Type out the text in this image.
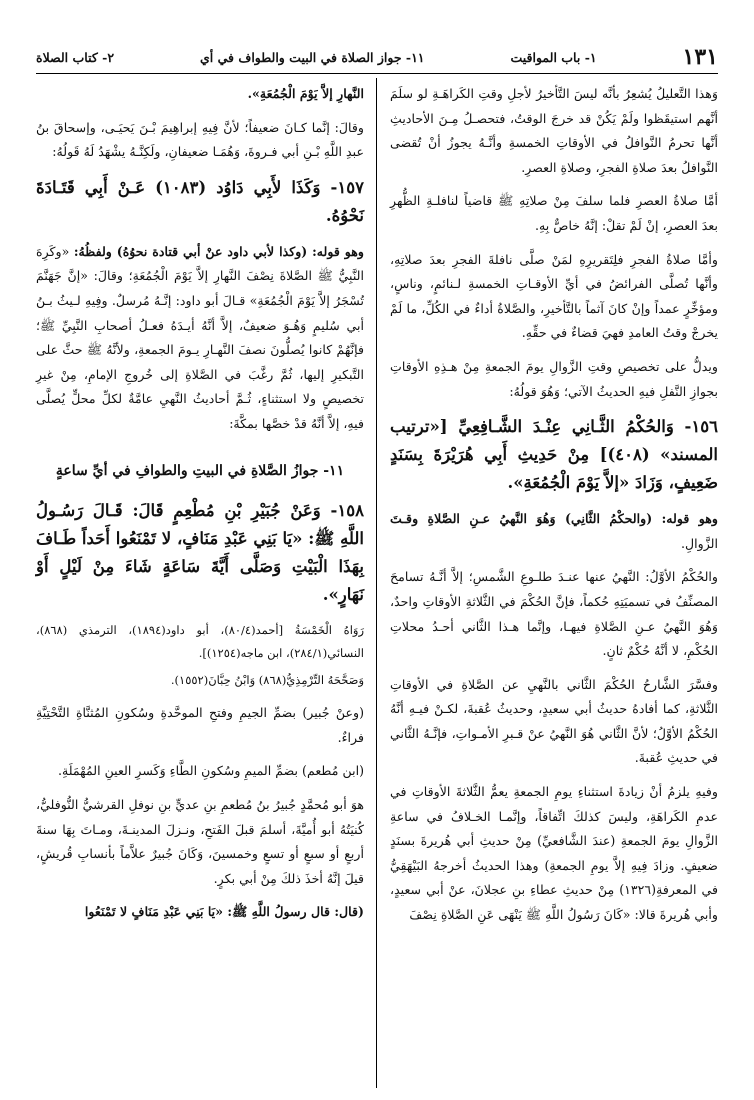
١٣١
١- باب المواقيت
١١- جواز الصلاة في البيت والطواف في أي
٢- كتاب الصلاة

وَهذا التَّعليلُ يُشعِرُ بأنَّه ليسَ التَّأخيرُ لأجلِ وقتِ الكَراهَـةِ لو سلَمَ أنَّهم استيقَظوا ولَمْ يَكُنْ قد خرجَ الوقتُ، فتحصـلُ مِـنَ الأحاديثِ أنَّها تحرمُ النَّوافلُ في الأوقاتِ الخمسةِ وأنَّـهُ يجوزُ أنْ تُقضى النَّوافلُ بعدَ صلاةِ الفجرِ، وصلاةِ العصرِ.

أمَّا صلاةُ العصرِ فلما سلفَ مِنْ صلاتِهِ ﷺ قاضياً لنافلـةِ الظُّهرِ بعدَ العصرِ، إنْ لَمْ تقلْ: إنَّهُ خاصٌّ بِهِ.

وأمَّا صلاةُ الفجرِ فلِتَقريرِهِ لمَنْ صلَّى نافلةَ الفجرِ بعدَ صلاتِهِ، وأنَّها تُصلَّى الفرائضُ في أيِّ الأوقـاتِ الخمسةِ لـنائمٍ، وناسٍ، ومؤخِّرٍ عمداً وإنْ كانَ آثماً بالتَّأخيرِ، والصَّلاةُ أداءٌ في الكُلِّ، ما لَمْ يخرجْ وقتُ العامدِ فهيَ قضاءٌ في حقِّهِ.

ويدلُّ على تخصيصِ وقتِ الزَّوالِ يومَ الجمعةِ مِنْ هـذِهِ الأوقاتِ بجوازِ النَّفلِ فيهِ الحديثُ الآتي؛ وَهُوَ قولُهُ:

١٥٦- وَالحُكْمُ الثَّـانِي عِنْـدَ الشَّـافِعِيِّ [«ترتيب المسند» (٤٠٨)] مِنْ حَدِيثِ أَبِي هُرَيْرَةَ بِسَنَدٍ ضَعِيفٍ، وَزَادَ «إلاَّ يَوْمَ الْجُمُعَةِ».

وهو قوله: (والحكْمُ الثَّانِي) وَهُوَ النَّهيُ عـنِ الصَّلاةِ وقـتَ الزَّوالِ.

والحُكْمُ الأوَّلُ: النَّهيُ عنها عنـدَ طلـوعِ الشَّمسِ؛ إلاَّ أنَّـهُ تسامحَ المصنِّفُ في تسميَتِهِ حُكماً، فإنَّ الحُكْمَ في الثَّلاثةِ الأوقاتِ واحدٌ، وَهُوَ النَّهيُ عـنِ الصَّلاةِ فيهـا، وإنَّما هـذا الثَّاني أحـدُ محلاتِ الحُكْمِ، لا أنَّهُ حُكْمٌ ثانٍ.

وفسَّرَ الشَّارحُ الحُكْمَ الثَّاني بالنَّهيِ عن الصَّلاةِ في الأوقاتِ الثَّلاثةِ، كما أفادهُ حديثُ أبي سعيدٍ، وحديثُ عُقبةَ، لكـنْ فيـهِ أنَّهُ الحُكْمُ الأوَّلُ؛ لأنَّ الثَّاني هُوَ النَّهيُ عنْ قـبرِ الأمـواتِ، فإنَّـهُ الثَّاني في حديثِ عُقبةَ.

وفيهِ يلزمُ أنْ زيادةَ استثناءِ يومِ الجمعةِ يعمُّ الثَّلاثةَ الأوقاتِ في عدمِ الكَراهَةِ، وليسَ كذلكَ اتِّفاقاً، وإنَّمـا الخـلافُ في ساعةِ الزَّوالِ يومَ الجمعةِ (عندَ الشَّافعيِّ) مِنْ حديثِ أبي هُريرةَ بسنَدٍ ضعيفٍ. وزادَ فِيهِ إلاَّ يومِ الجمعةِ) وهذا الحديثُ أخرجهُ البَيْهَقِيُّ في المعرفةِ(١٣٢٦) مِنْ حديثِ عطاءِ بنِ عجلانَ، عنْ أبي سعيدٍ، وأبي هُريرةَ قالا: «كَانَ رَسُولُ اللَّهِ ﷺ يَنْهَى عَنِ الصَّلاةِ نِصْفَ

النَّهارِ إلاَّ يَوْمَ الْجُمُعَةِ».

وقالَ: إنَّما كـانَ ضعيفاً؛ لأنَّ فِيهِ إبراهِيمَ بْـنَ يَحيَـى، وإسحاقَ بنُ عبدِ اللَّهِ بْـنِ أبي فـروةَ، وَهُمَـا ضعيفانِ، ولَكِنَّـهُ يشْهَدُ لَهُ قَولُهُ:

١٥٧- وَكَذَا لأَبِي دَاوُد (١٠٨٣) عَـنْ أَبِي قَتَـادَةَ نَحْوُهُ.

وهو قوله: (وكذا لأبي داود عنْ أبي قتادة نحوُهُ) ولفظُهُ: «وكَرِهَ النَّبِيُّ ﷺ الصَّلاةَ نِصْفَ النَّهارِ إلاَّ يَوْمَ الْجُمُعَةِ؛ وقالَ: «إنَّ جَهَنَّمَ تُسْجَرُ إلاَّ يَوْمَ الْجُمُعَةِ» قـالَ أبو داود: إنَّـهُ مُرسلٌ. وفِيهِ لـيثُ بـنُ أبي سُليمٍ وَهُـوَ ضعيفٌ، إلاَّ أنَّهُ أيـدَهُ فعـلُ أصحابِ النَّبِيِّ ﷺ؛ فإنَّهُمْ كانوا يُصلُّونَ نصفَ النَّهـارِ يـومَ الجمعةِ، ولأنَّهُ ﷺ حثَّ على التَّبكيرِ إليها، ثُمَّ رغَّبَ في الصَّلاةِ إلى خُروجِ الإمامِ، مِنْ غيرِ تخصيصٍ ولا استثناءٍ، ثُـمَّ أحاديثُ النَّهيِ عامَّةٌ لكلِّ محلٍّ يُصلَّى فيهِ، إلاَّ أنَّهُ قدْ خصَّها بمكَّةَ:

١١- جوازُ الصَّلاةِ في البيتِ والطوافِ في أيِّ ساعةٍ
١٥٨- وَعَنْ جُبَيْرِ بْنِ مُطْعِمٍ قَالَ: قَـالَ رَسُـولُ اللَّهِ ﷺ: «يَا بَنِي عَبْدِ مَنَافٍ، لا تَمْنَعُوا أَحَداً طَـافَ بِهَذَا الْبَيْتِ وَصَلَّى أَيَّةَ سَاعَةٍ شَاءَ مِنْ لَيْلٍ أَوْ نَهَارٍ».

رَوَاهُ الْخَمْسَةُ [أحمد(٨٠/٤)، أبو داود(١٨٩٤)، الترمذي (٨٦٨)، النسائي(٢٨٤/١)، ابن ماجه(١٢٥٤)].

وَصَحَّحَهُ التِّرْمِذِيُّ(٨٦٨) وَابْنُ حِبَّانَ(١٥٥٢).

(وعنْ جُبير) بضمِّ الجيمِ وفتحِ الموحَّدةِ وسُكونِ المُثنَّاةِ التَّحْتِيَّةِ فراءٌ.

(ابن مُطعم) بضمِّ الميمِ وسُكونِ الطَّاءِ وَكَسرِ العينِ المُهْمَلَةِ.

هوَ أبو مُحمَّدٍ جُبيرُ بنُ مُطعمِ بنِ عديٍّ بنِ نوفلِ القرشيُّ النُّوفليُّ، كُنيَتُهُ أبو أُميَّةَ، أسلمَ قبلَ الفَتحِ، ونـزلَ المدينـةَ، ومـاتَ بِهَا سنةَ أربعٍ أو سبعٍ أو تسعٍ وخمسينَ، وَكَانَ جُبيرٌ علاَّماً بأنسابِ قُريشٍ، قيلَ إنَّهُ أخذَ ذلكَ مِنْ أبي بكرٍ.

(قال: قال رسولُ اللَّهِ ﷺ: «يَا بَنِي عَبْدِ مَنَافٍ لا تَمْنَعُوا
